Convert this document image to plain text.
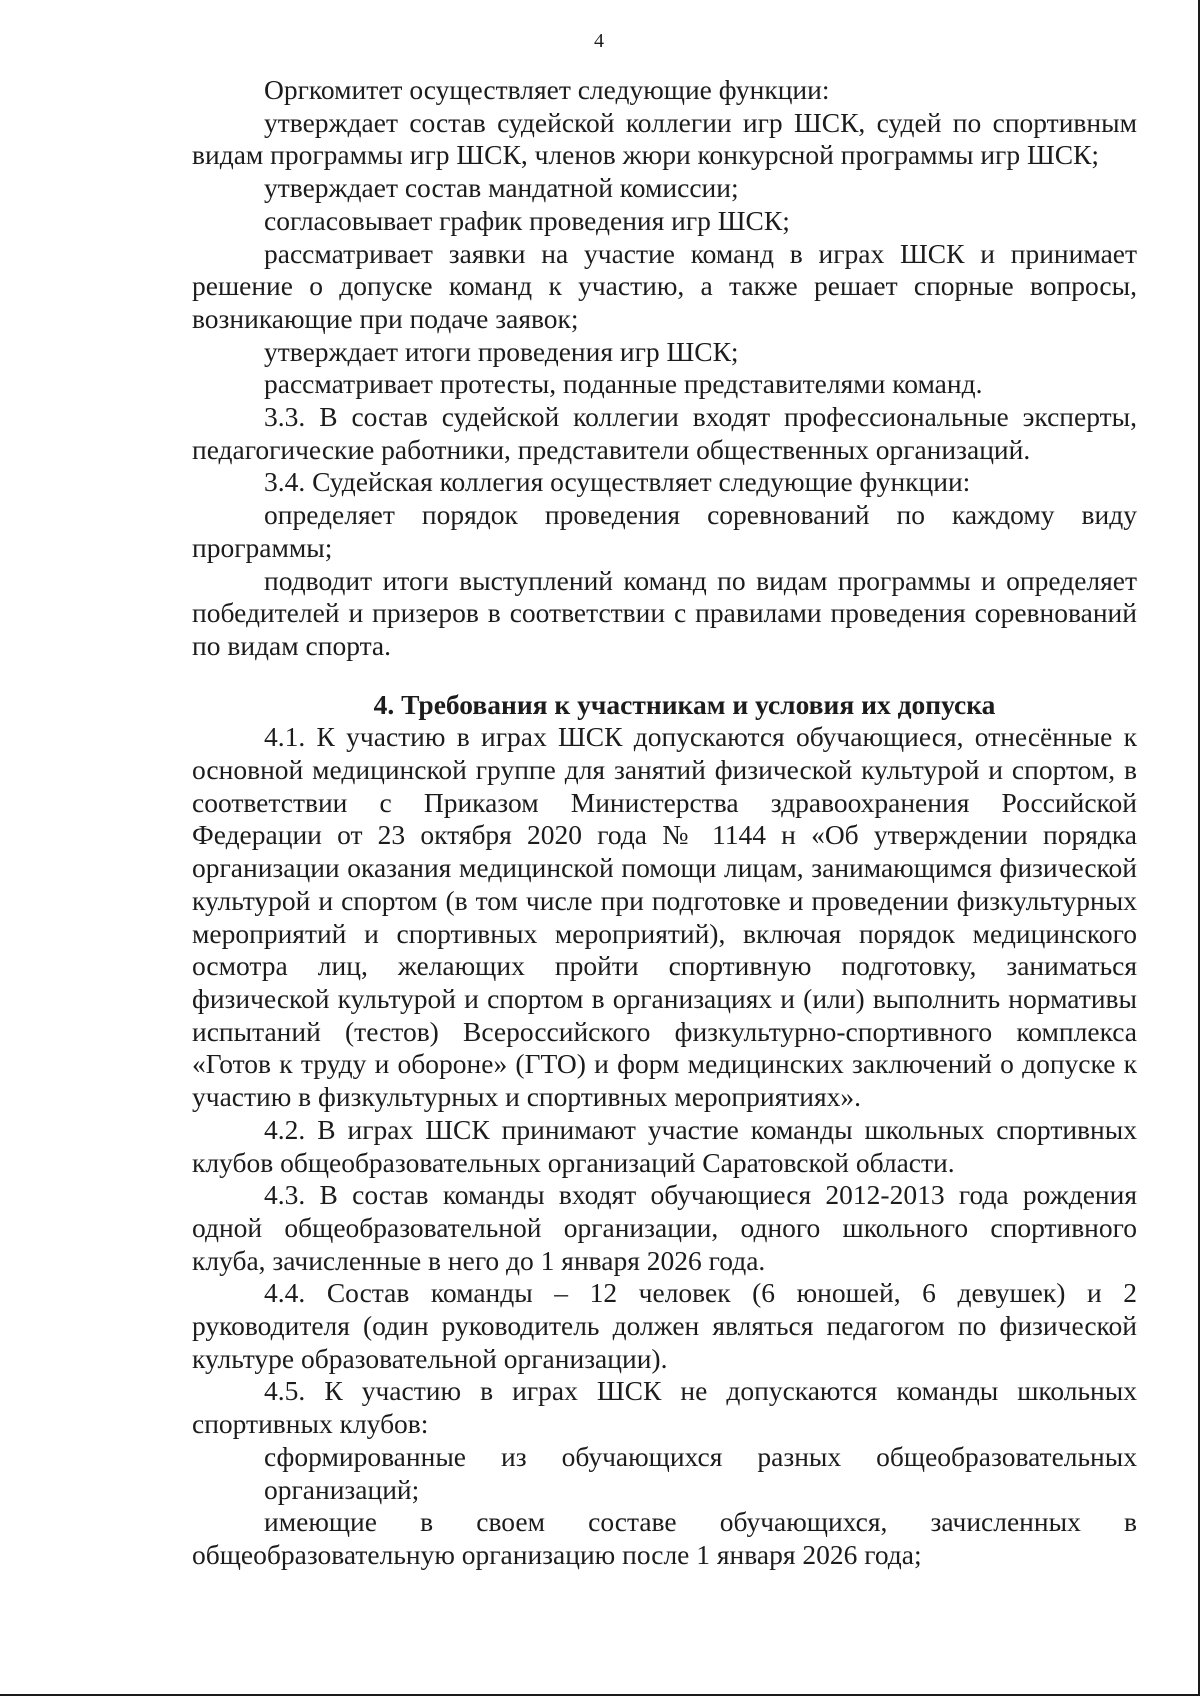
4

Оргкомитет осуществляет следующие функции:

утверждает состав судейской коллегии игр ШСК, судей по спортивным видам программы игр ШСК, членов жюри конкурсной программы игр ШСК;

утверждает состав мандатной комиссии;

согласовывает график проведения игр ШСК;

рассматривает заявки на участие команд в играх ШСК и принимает решение о допуске команд к участию, а также решает спорные вопросы, возникающие при подаче заявок;

утверждает итоги проведения игр ШСК;

рассматривает протесты, поданные представителями команд.

3.3. В состав судейской коллегии входят профессиональные эксперты, педагогические работники, представители общественных организаций.

3.4. Судейская коллегия осуществляет следующие функции:

определяет порядок проведения соревнований по каждому виду программы;

подводит итоги выступлений команд по видам программы и определяет победителей и призеров в соответствии с правилами проведения соревнований по видам спорта.

4. Требования к участникам и условия их допуска

4.1. К участию в играх ШСК допускаются обучающиеся, отнесённые к основной медицинской группе для занятий физической культурой и спортом, в соответствии с Приказом Министерства здравоохранения Российской Федерации от 23 октября 2020 года № 1144 н «Об утверждении порядка организации оказания медицинской помощи лицам, занимающимся физической культурой и спортом (в том числе при подготовке и проведении физкультурных мероприятий и спортивных мероприятий), включая порядок медицинского осмотра лиц, желающих пройти спортивную подготовку, заниматься физической культурой и спортом в организациях и (или) выполнить нормативы испытаний (тестов) Всероссийского физкультурно-спортивного комплекса «Готов к труду и обороне» (ГТО) и форм медицинских заключений о допуске к участию в физкультурных и спортивных мероприятиях».

4.2. В играх ШСК принимают участие команды школьных спортивных клубов общеобразовательных организаций Саратовской области.

4.3. В состав команды входят обучающиеся 2012-2013 года рождения одной общеобразовательной организации, одного школьного спортивного клуба, зачисленные в него до 1 января 2026 года.

4.4. Состав команды – 12 человек (6 юношей, 6 девушек) и 2 руководителя (один руководитель должен являться педагогом по физической культуре образовательной организации).

4.5. К участию в играх ШСК не допускаются команды школьных спортивных клубов:

сформированные из обучающихся разных общеобразовательных организаций;

имеющие в своем составе обучающихся, зачисленных в общеобразовательную организацию после 1 января 2026 года;
